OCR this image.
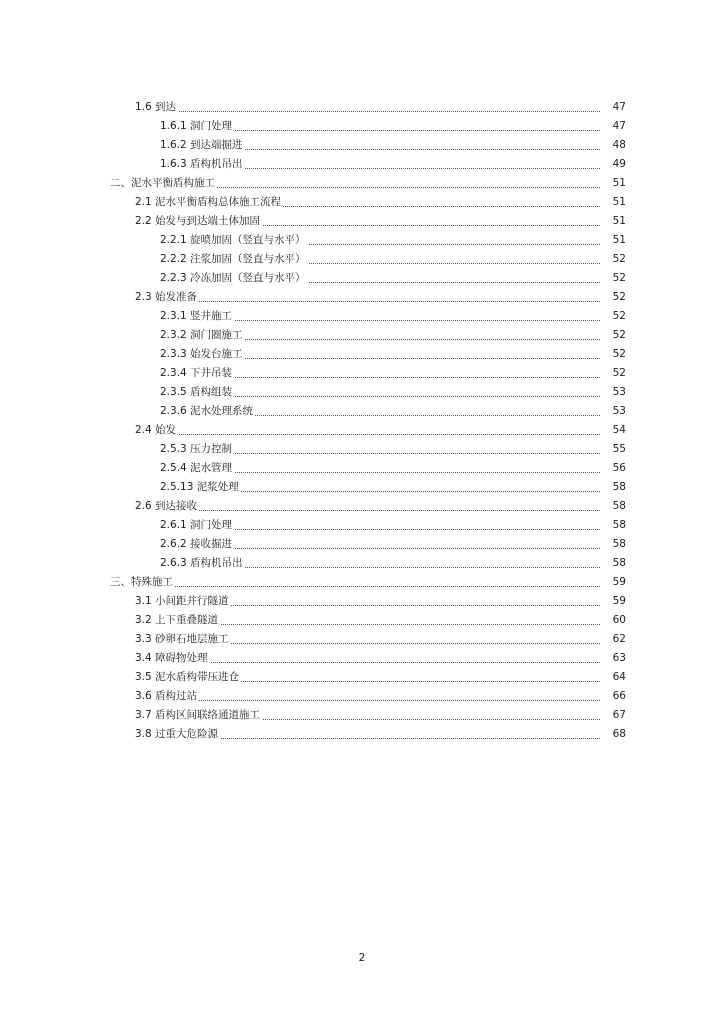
1.6 到达	47
1.6.1 洞门处理	47
1.6.2 到达端掘进	48
1.6.3 盾构机吊出	49
二、泥水平衡盾构施工	51
2.1 泥水平衡盾构总体施工流程	51
2.2 始发与到达端土体加固	51
2.2.1 旋喷加固（竖直与水平）	51
2.2.2 注浆加固（竖直与水平）	52
2.2.3 冷冻加固（竖直与水平）	52
2.3 始发准备	52
2.3.1 竖井施工	52
2.3.2 洞门圈施工	52
2.3.3 始发台施工	52
2.3.4 下井吊装	52
2.3.5 盾构组装	53
2.3.6 泥水处理系统	53
2.4 始发	54
2.5.3 压力控制	55
2.5.4 泥水管理	56
2.5.13 泥浆处理	58
2.6 到达接收	58
2.6.1 洞门处理	58
2.6.2 接收掘进	58
2.6.3 盾构机吊出	58
三、特殊施工	59
3.1 小间距并行隧道	59
3.2 上下重叠隧道	60
3.3 砂卵石地层施工	62
3.4 障碍物处理	63
3.5 泥水盾构带压进仓	64
3.6 盾构过站	66
3.7 盾构区间联络通道施工	67
3.8 过重大危险源	68
2
